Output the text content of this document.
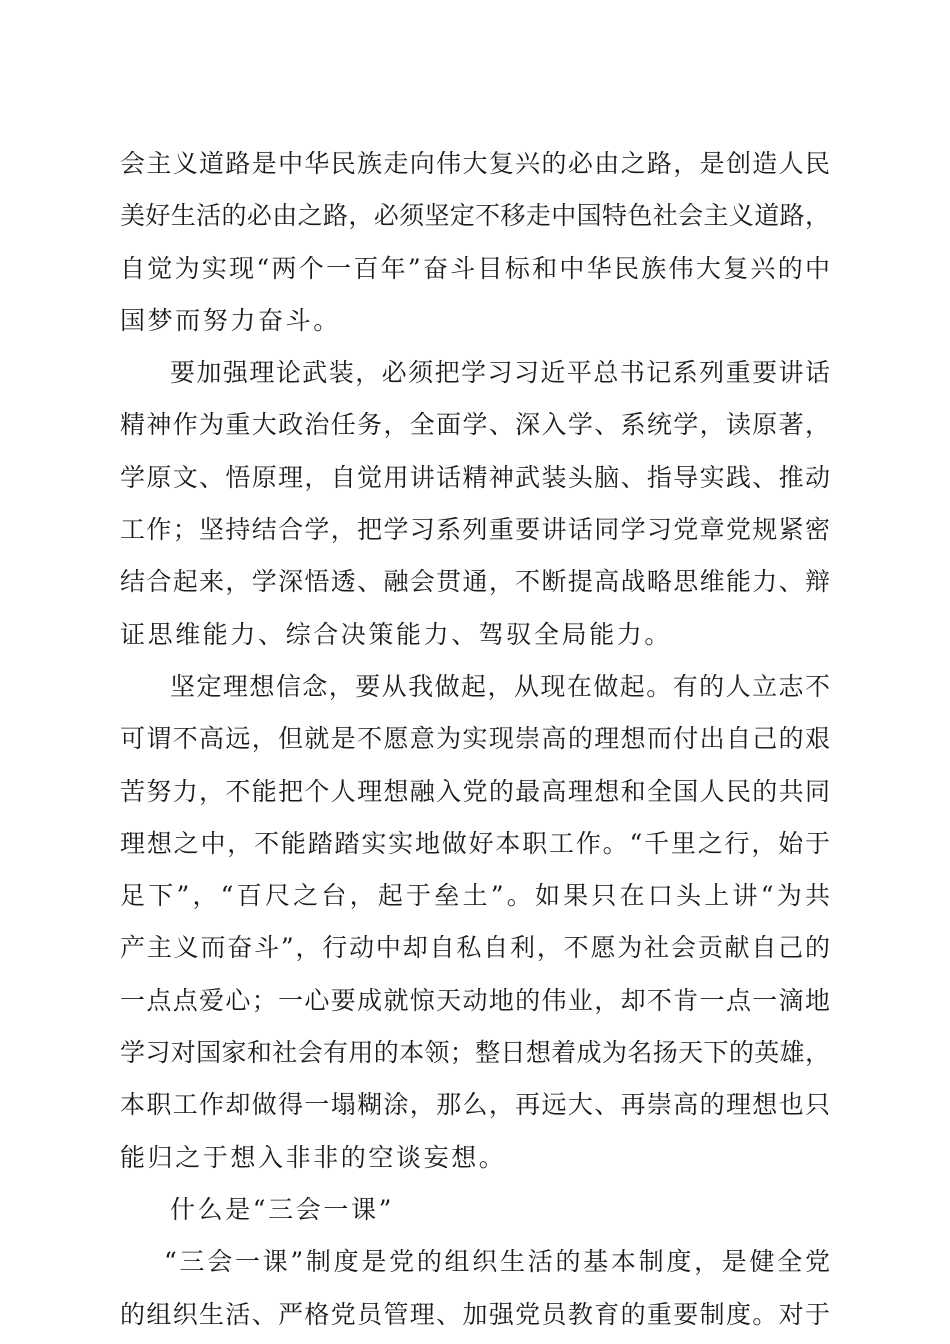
会主义道路是中华民族走向伟大复兴的必由之路，是创造人民
美好生活的必由之路，必须坚定不移走中国特色社会主义道路，
自觉为实现“两个一百年”奋斗目标和中华民族伟大复兴的中
国梦而努力奋斗。
要加强理论武装，必须把学习习近平总书记系列重要讲话
精神作为重大政治任务，全面学、深入学、系统学，读原著，
学原文、悟原理，自觉用讲话精神武装头脑、指导实践、推动
工作；坚持结合学，把学习系列重要讲话同学习党章党规紧密
结合起来，学深悟透、融会贯通，不断提高战略思维能力、辩
证思维能力、综合决策能力、驾驭全局能力。
坚定理想信念，要从我做起，从现在做起。有的人立志不
可谓不高远，但就是不愿意为实现崇高的理想而付出自己的艰
苦努力，不能把个人理想融入党的最高理想和全国人民的共同
理想之中，不能踏踏实实地做好本职工作。“千里之行，始于
足下”，“百尺之台，起于垒土”。如果只在口头上讲“为共
产主义而奋斗”，行动中却自私自利，不愿为社会贡献自己的
一点点爱心；一心要成就惊天动地的伟业，却不肯一点一滴地
学习对国家和社会有用的本领；整日想着成为名扬天下的英雄，
本职工作却做得一塌糊涂，那么，再远大、再崇高的理想也只
能归之于想入非非的空谈妄想。
什么是“三会一课”
“三会一课”制度是党的组织生活的基本制度，是健全党
的组织生活、严格党员管理、加强党员教育的重要制度。对于
